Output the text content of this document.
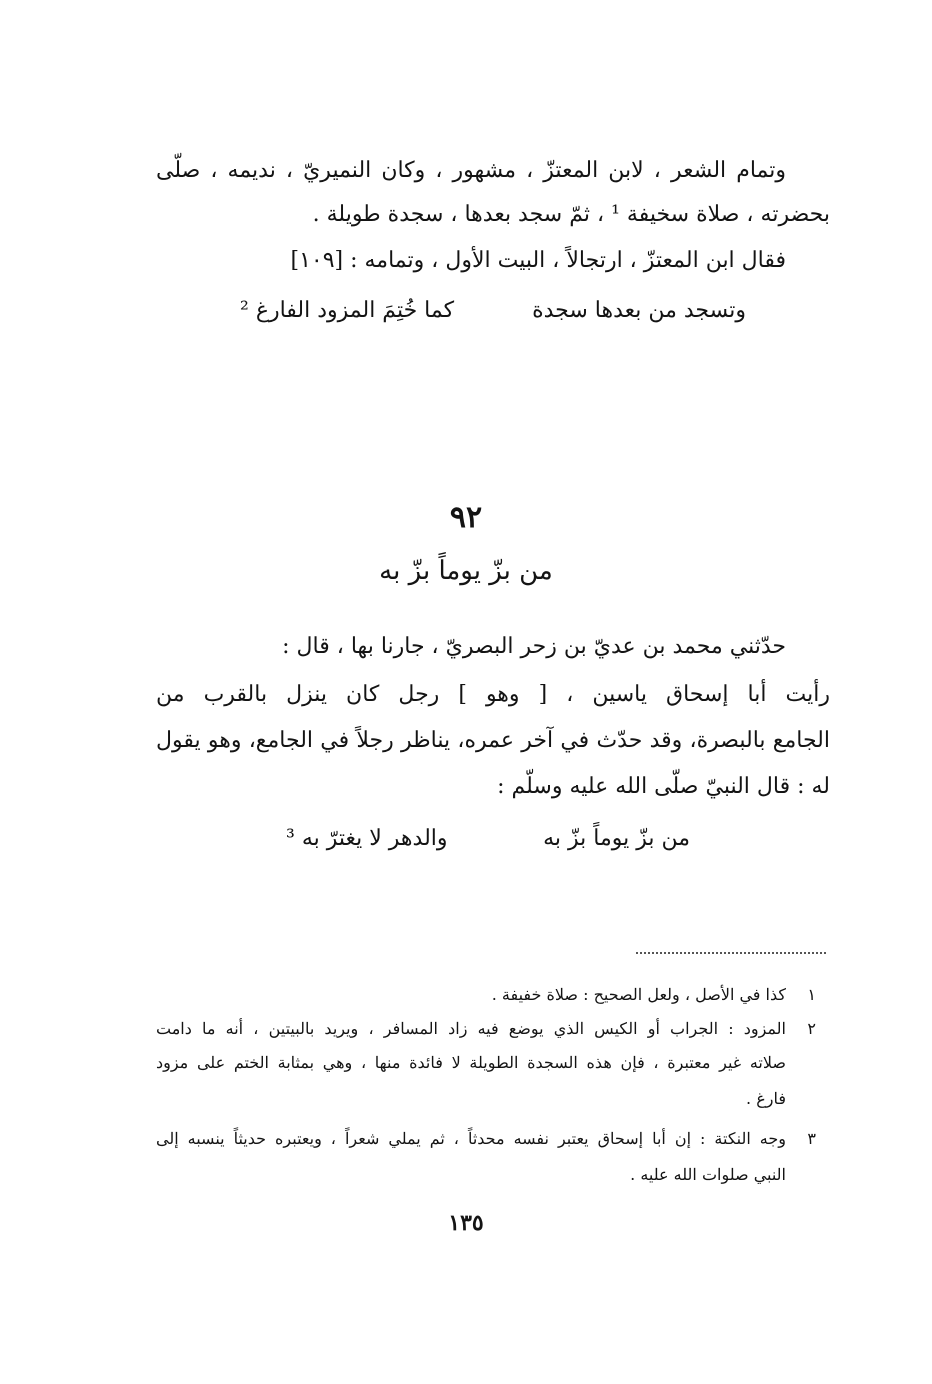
وتمام الشعر ، لابن المعتزّ ، مشهور ، وكان النميريّ ، نديمه ، صلّى

بحضرته ، صلاة سخيفة ¹ ، ثمّ سجد بعدها ، سجدة طويلة .

فقال ابن المعتزّ ، ارتجالاً ، البيت الأول ، وتمامه : [١٠٩]

وتسجد من بعدها سجدة
كما خُتِمَ المزود الفارغ ²
٩٢
من بزّ يوماً بزّ به

حدّثني محمد بن عديّ بن زحر البصريّ ، جارنا بها ، قال :

رأيت أبا إسحاق ياسين ، [ وهو ] رجل كان ينزل بالقرب من

الجامع بالبصرة، وقد حدّث في آخر عمره، يناظر رجلاً في الجامع، وهو يقول

له : قال النبيّ صلّى الله عليه وسلّم :

من بزّ يوماً بزّ به
والدهر لا يغترّ به ³
١

كذا في الأصل ، ولعل الصحيح : صلاة خفيفة .

٢

المزود : الجراب أو الكيس الذي يوضع فيه زاد المسافر ، ويريد بالبيتين ، أنه ما دامت

صلاته غير معتبرة ، فإن هذه السجدة الطويلة لا فائدة منها ، وهي بمثابة الختم على مزود

فارغ .

٣

وجه النكتة : إن أبا إسحاق يعتبر نفسه محدثاً ، ثم يملي شعراً ، ويعتبره حديثاً ينسبه إلى

النبي صلوات الله عليه .

١٣٥
